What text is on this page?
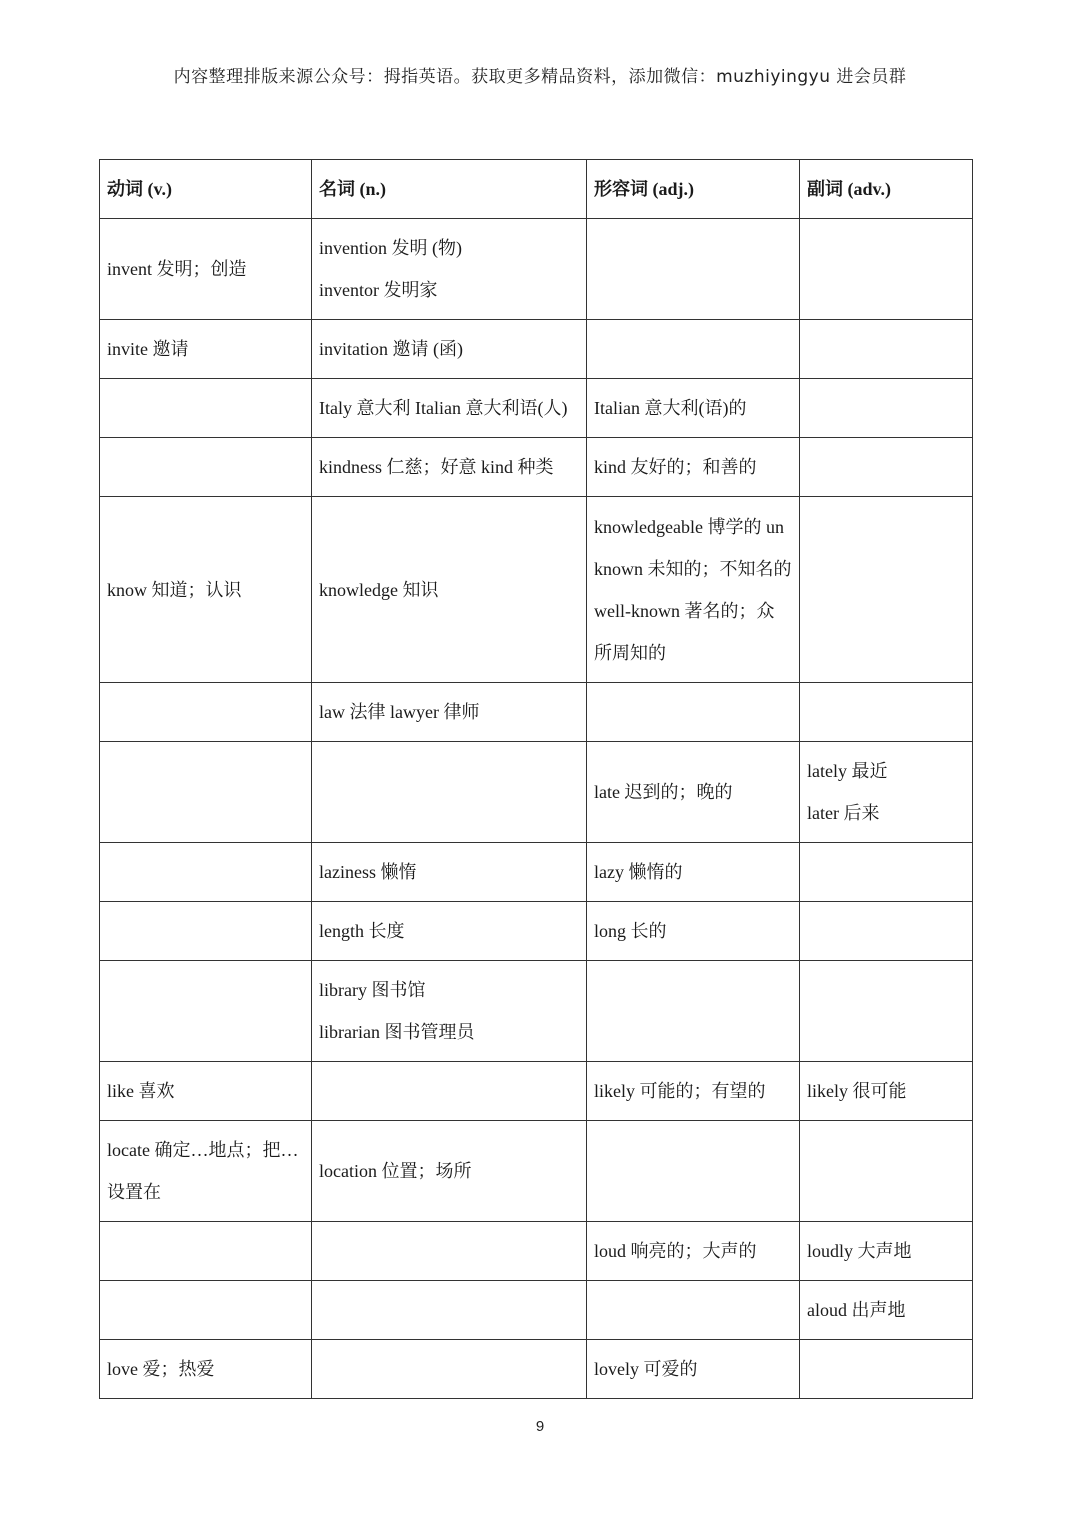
内容整理排版来源公众号：拇指英语。获取更多精品资料，添加微信：muzhiyingyu 进会员群
动词 (v.)	名词 (n.)	形容词 (adj.)	副词 (adv.)

invent 发明；创造	invention 发明 (物)
inventor 发明家		

invite 邀请	invitation 邀请 (函)		

	Italy 意大利 Italian 意大利语(人)	Italian 意大利(语)的	

	kindness 仁慈；好意 kind 种类	kind 友好的；和善的	

know 知道；认识	knowledge 知识	knowledgeable 博学的 unknown 未知的；不知名的 well-known 著名的；众所周知的	

	law 法律 lawyer 律师		

		late 迟到的；晚的	lately 最近
later 后来

	laziness 懒惰	lazy 懒惰的	

	length 长度	long 长的	

	library 图书馆
librarian 图书管理员		

like 喜欢		likely 可能的；有望的	likely 很可能

locate 确定…地点；把…设置在	location 位置；场所		

		loud 响亮的；大声的	loudly 大声地

			aloud 出声地

love 爱；热爱		lovely 可爱的	

9
